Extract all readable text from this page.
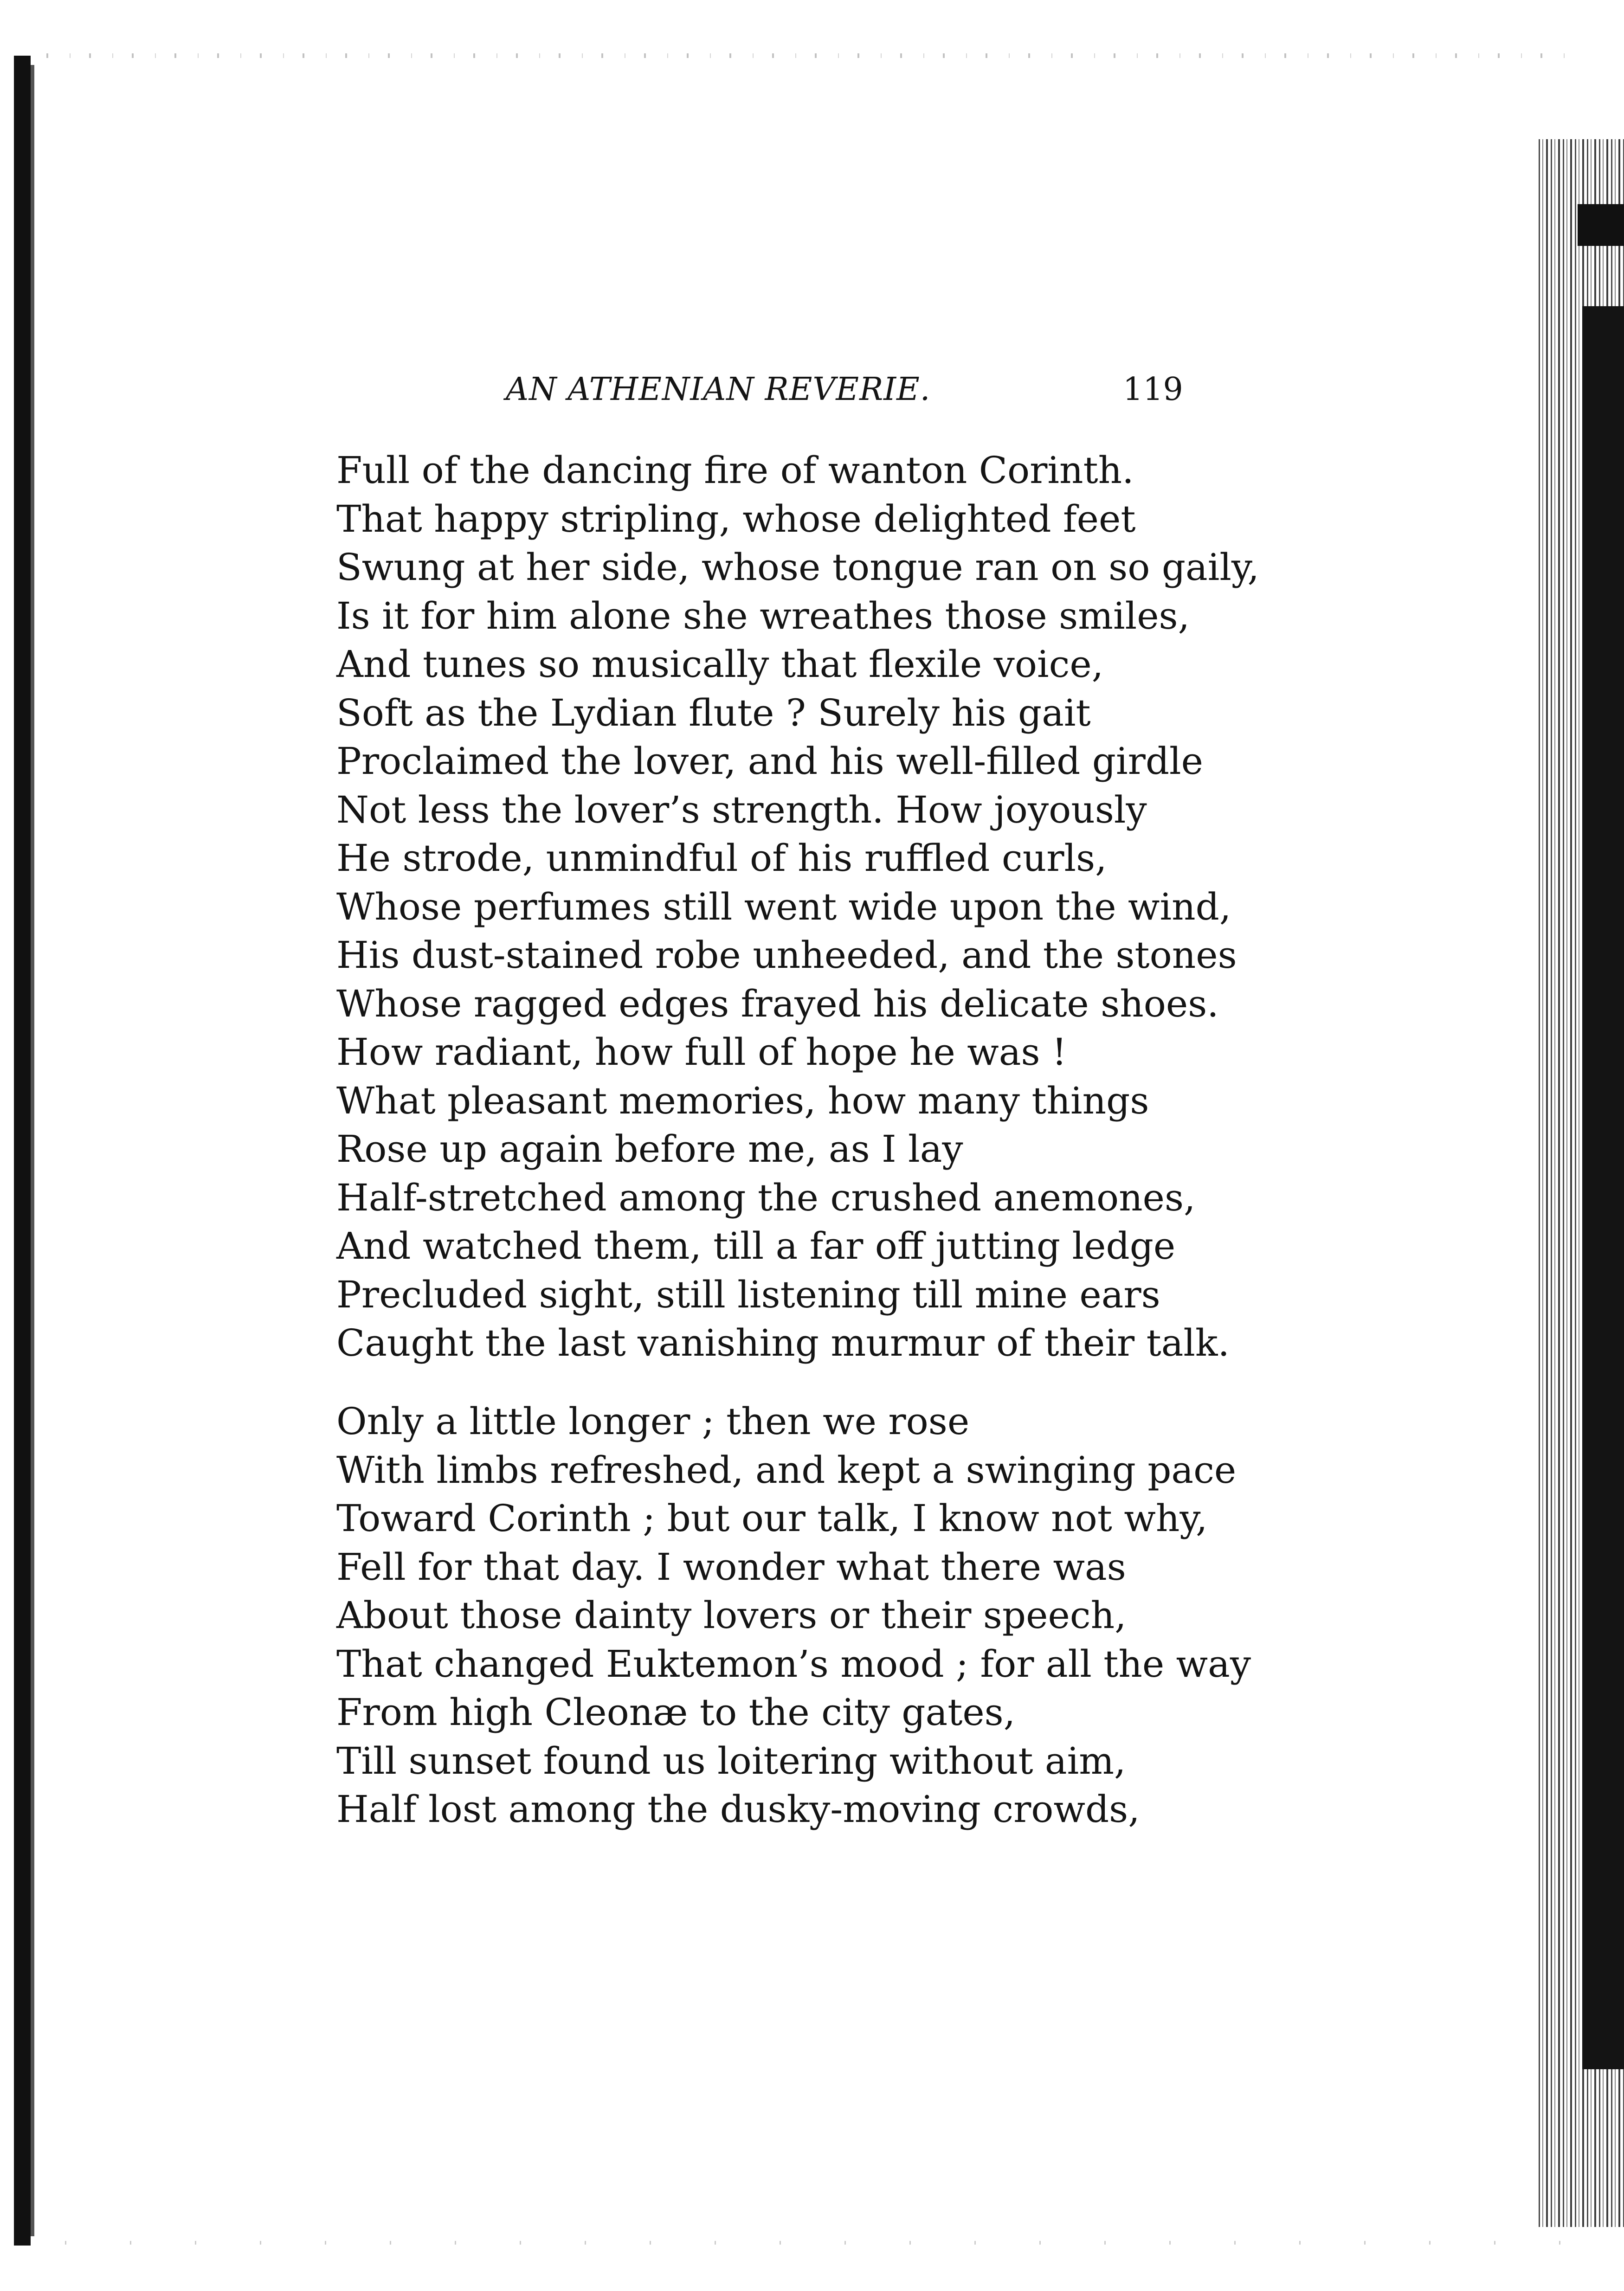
AN ATHENIAN REVERIE.	119
Full of the dancing fire of wanton Corinth.
That happy stripling, whose delighted feet
Swung at her side, whose tongue ran on so gaily,
Is it for him alone she wreathes those smiles,
And tunes so musically that flexile voice,
Soft as the Lydian flute ? Surely his gait
Proclaimed the lover, and his well-filled girdle
Not less the lover’s strength. How joyously
He strode, unmindful of his ruffled curls,
Whose perfumes still went wide upon the wind,
His dust-stained robe unheeded, and the stones
Whose ragged edges frayed his delicate shoes.
How radiant, how full of hope he was !
What pleasant memories, how many things
Rose up again before me, as I lay
Half-stretched among the crushed anemones,
And watched them, till a far off jutting ledge
Precluded sight, still listening till mine ears
Caught the last vanishing murmur of their talk.
Only a little longer ; then we rose
With limbs refreshed, and kept a swinging pace
Toward Corinth ; but our talk, I know not why,
Fell for that day. I wonder what there was
About those dainty lovers or their speech,
That changed Euktemon’s mood ; for all the way
From high Cleonæ to the city gates,
Till sunset found us loitering without aim,
Half lost among the dusky-moving crowds,
